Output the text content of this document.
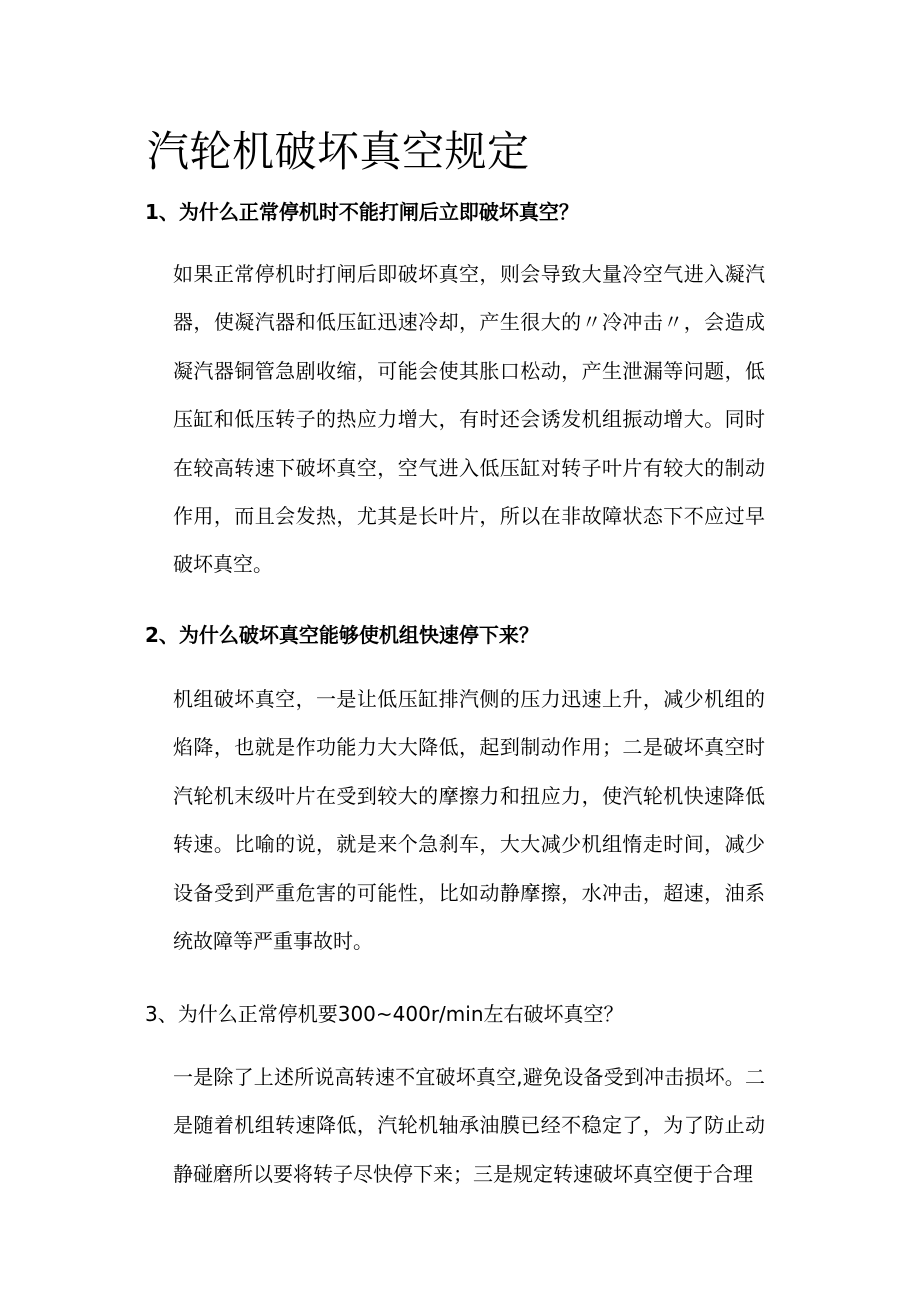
汽轮机破坏真空规定
1、为什么正常停机时不能打闸后立即破坏真空？
如果正常停机时打闸后即破坏真空，则会导致大量冷空气进入凝汽器，使凝汽器和低压缸迅速冷却，产生很大的〃冷冲击〃，会造成凝汽器铜管急剧收缩，可能会使其胀口松动，产生泄漏等问题，低压缸和低压转子的热应力增大，有时还会诱发机组振动增大。同时在较高转速下破坏真空，空气进入低压缸对转子叶片有较大的制动作用，而且会发热，尤其是长叶片，所以在非故障状态下不应过早破坏真空。
2、为什么破坏真空能够使机组快速停下来？
机组破坏真空，一是让低压缸排汽侧的压力迅速上升，减少机组的焰降，也就是作功能力大大降低，起到制动作用；二是破坏真空时汽轮机末级叶片在受到较大的摩擦力和扭应力，使汽轮机快速降低转速。比喻的说，就是来个急刹车，大大减少机组惰走时间，减少设备受到严重危害的可能性，比如动静摩擦，水冲击，超速，油系统故障等严重事故时。
3、为什么正常停机要300~400r/min左右破坏真空？
一是除了上述所说高转速不宜破坏真空,避免设备受到冲击损坏。二是随着机组转速降低，汽轮机轴承油膜已经不稳定了，为了防止动静碰磨所以要将转子尽快停下来；三是规定转速破坏真空便于合理
